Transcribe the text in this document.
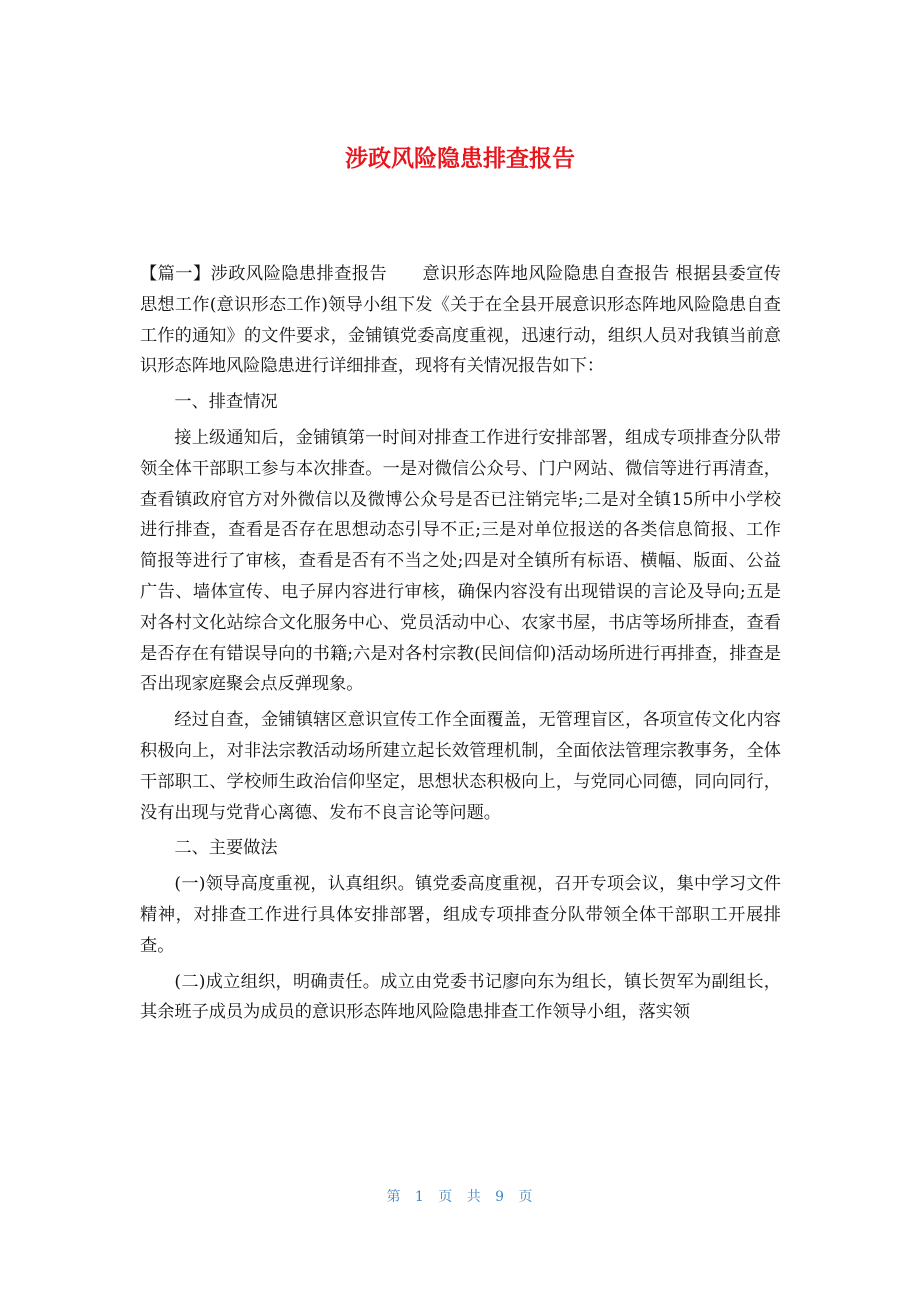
涉政风险隐患排查报告

【篇一】涉政风险隐患排查报告　　意识形态阵地风险隐患自查报告 根据县委宣传思想工作(意识形态工作)领导小组下发《关于在全县开展意识形态阵地风险隐患自查工作的通知》的文件要求，金铺镇党委高度重视，迅速行动，组织人员对我镇当前意识形态阵地风险隐患进行详细排查，现将有关情况报告如下：

一、排查情况

接上级通知后，金铺镇第一时间对排查工作进行安排部署，组成专项排查分队带领全体干部职工参与本次排查。一是对微信公众号、门户网站、微信等进行再清查，查看镇政府官方对外微信以及微博公众号是否已注销完毕;二是对全镇15所中小学校进行排查，查看是否存在思想动态引导不正;三是对单位报送的各类信息简报、工作简报等进行了审核，查看是否有不当之处;四是对全镇所有标语、横幅、版面、公益广告、墙体宣传、电子屏内容进行审核，确保内容没有出现错误的言论及导向;五是对各村文化站综合文化服务中心、党员活动中心、农家书屋，书店等场所排查，查看是否存在有错误导向的书籍;六是对各村宗教(民间信仰)活动场所进行再排查，排查是否出现家庭聚会点反弹现象。

经过自查，金铺镇辖区意识宣传工作全面覆盖，无管理盲区，各项宣传文化内容积极向上，对非法宗教活动场所建立起长效管理机制，全面依法管理宗教事务，全体干部职工、学校师生政治信仰坚定，思想状态积极向上，与党同心同德，同向同行，没有出现与党背心离德、发布不良言论等问题。

二、主要做法

(一)领导高度重视，认真组织。镇党委高度重视，召开专项会议，集中学习文件精神，对排查工作进行具体安排部署，组成专项排查分队带领全体干部职工开展排查。

(二)成立组织，明确责任。成立由党委书记廖向东为组长，镇长贺军为副组长，其余班子成员为成员的意识形态阵地风险隐患排查工作领导小组，落实领

第 1 页 共 9 页
